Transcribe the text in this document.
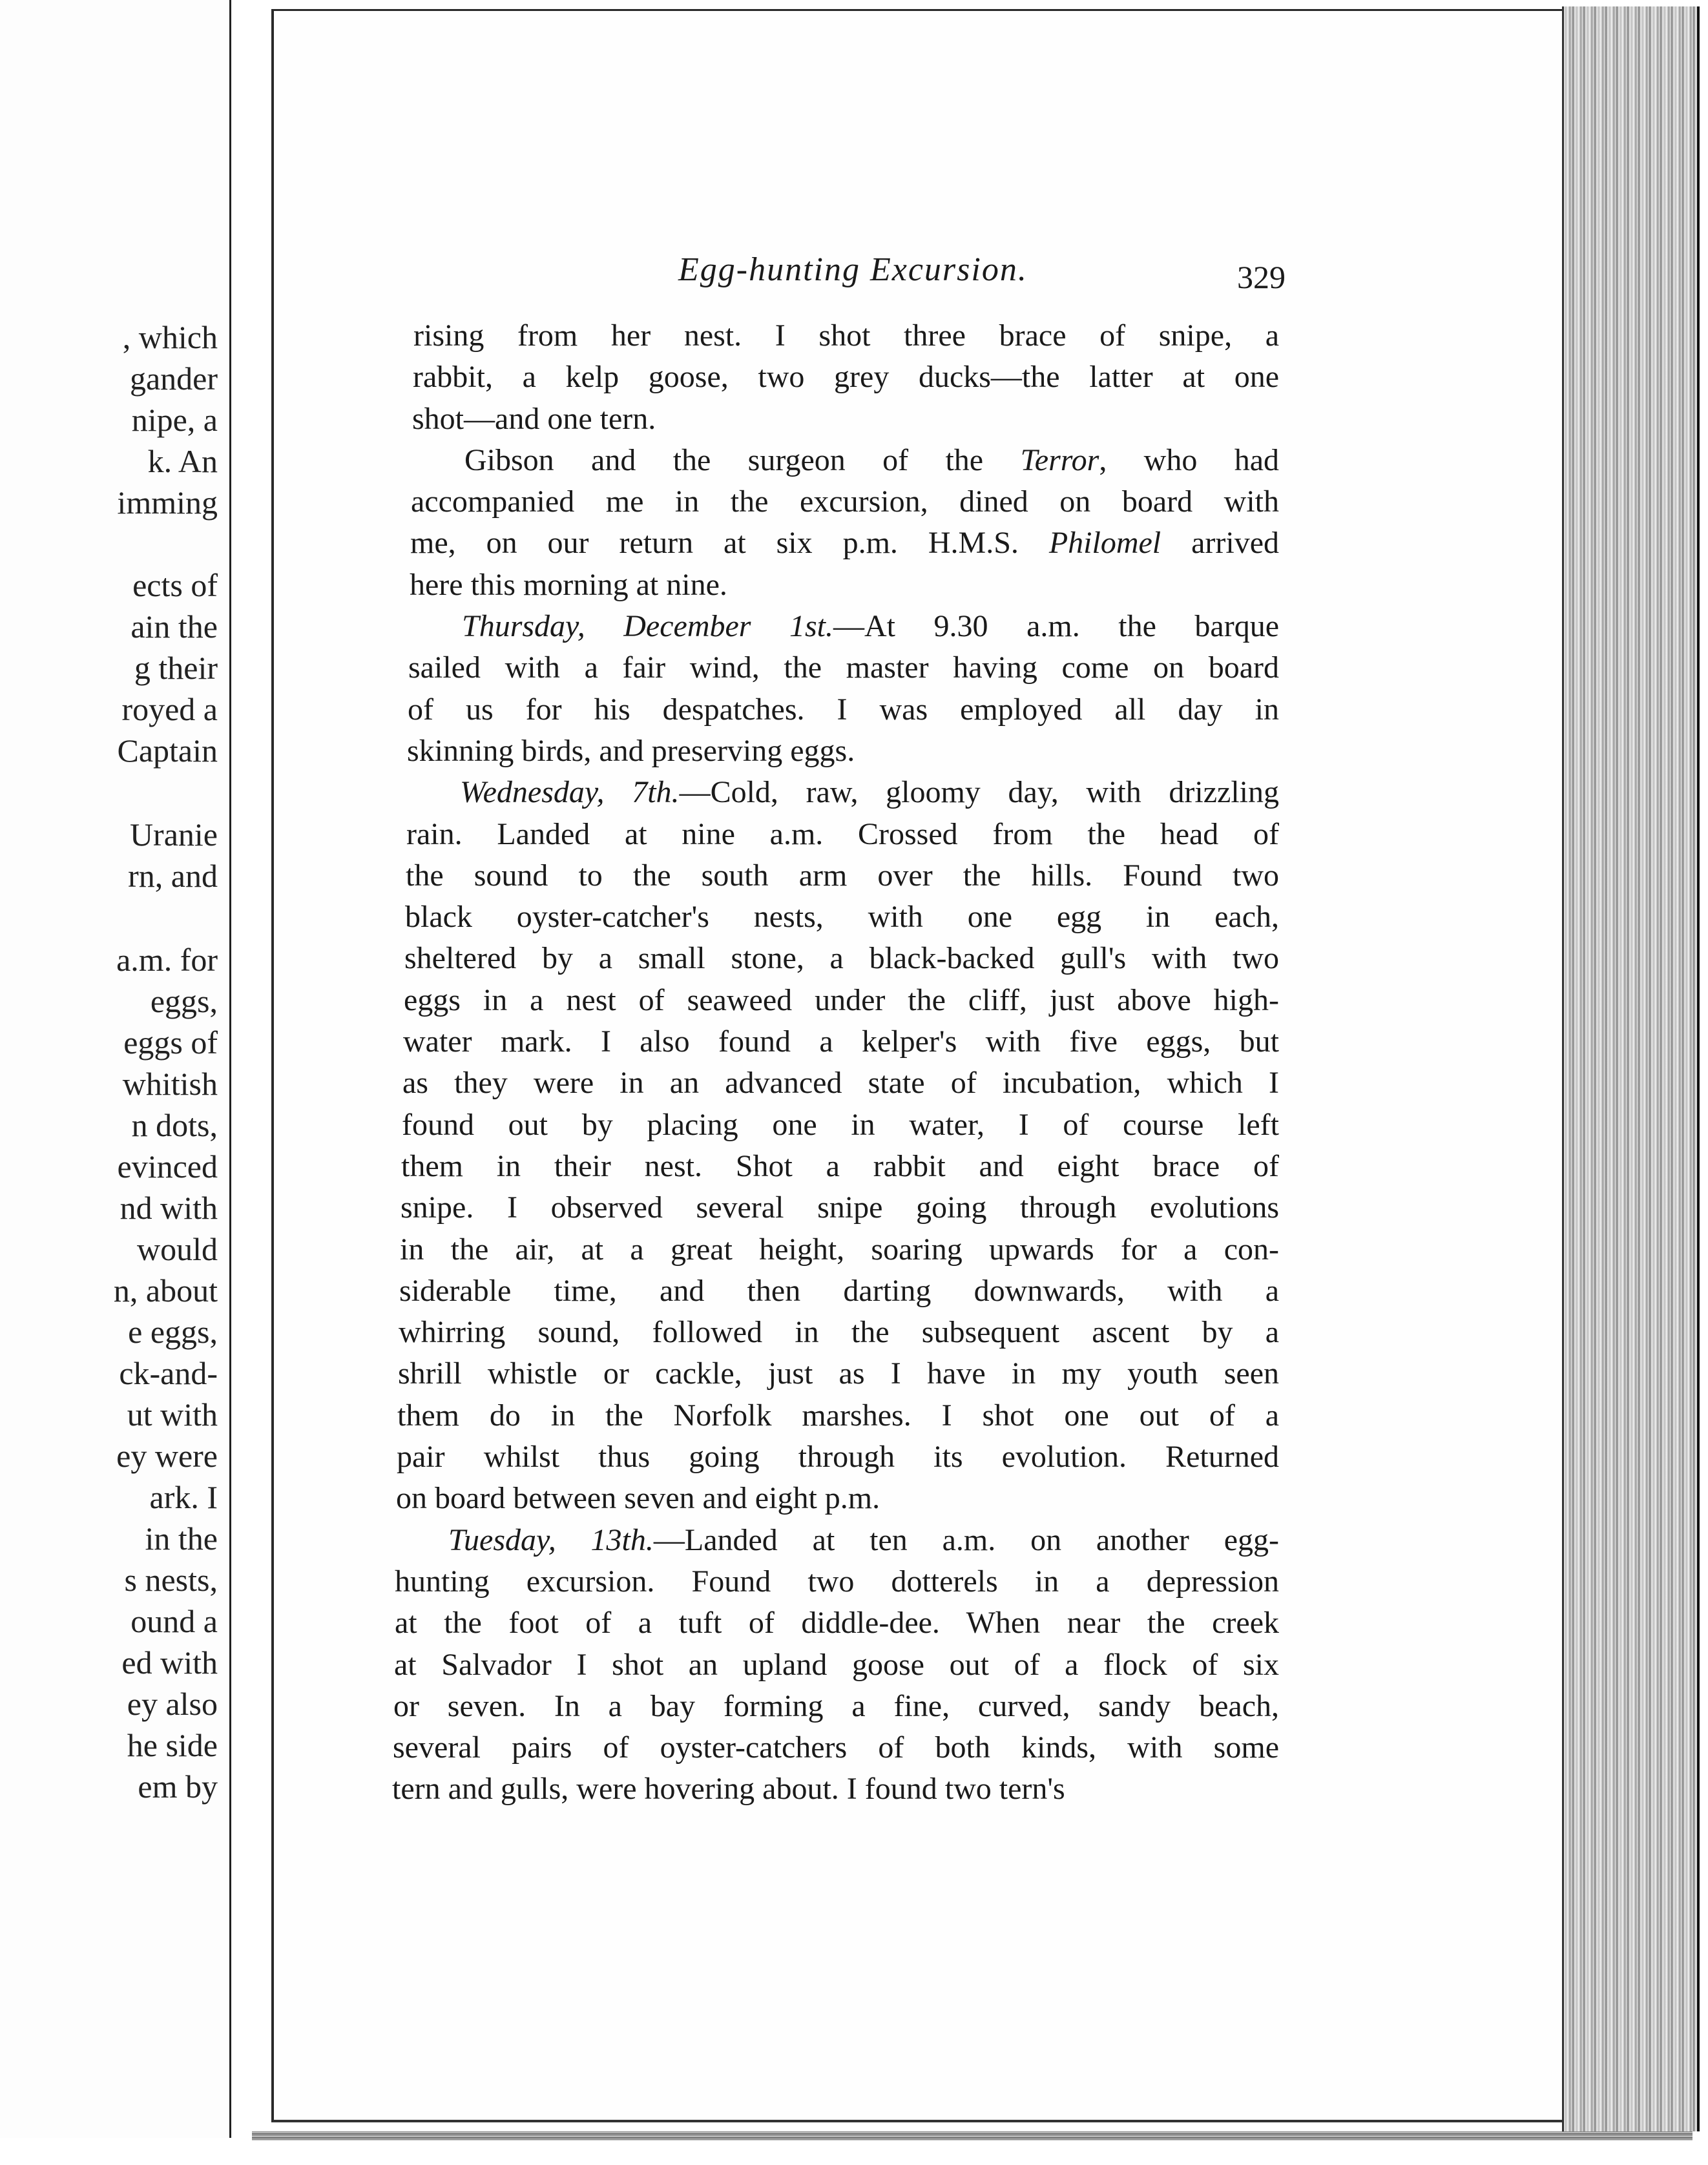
, which
gander
nipe, a
k. An
imming
ects of
ain the
g their
royed a
Captain
Uranie
rn, and
a.m. for
eggs,
eggs of
whitish
n dots,
evinced
nd with
would
n, about
e eggs,
ck-and-
ut with
ey were
ark. I
in the
s nests,
ound a
ed with
ey also
he side
em by
Egg-hunting Excursion.	329
rising from her nest. I shot three brace of snipe, a
rabbit, a kelp goose, two grey ducks—the latter at one
shot—and one tern.
Gibson and the surgeon of the Terror, who had
accompanied me in the excursion, dined on board with
me, on our return at six p.m. H.M.S. Philomel arrived
here this morning at nine.
Thursday, December 1st.—At 9.30 a.m. the barque
sailed with a fair wind, the master having come on board
of us for his despatches. I was employed all day in
skinning birds, and preserving eggs.
Wednesday, 7th.—Cold, raw, gloomy day, with drizzling
rain. Landed at nine a.m. Crossed from the head of
the sound to the south arm over the hills. Found two
black oyster-catcher's nests, with one egg in each,
sheltered by a small stone, a black-backed gull's with two
eggs in a nest of seaweed under the cliff, just above high-
water mark. I also found a kelper's with five eggs, but
as they were in an advanced state of incubation, which I
found out by placing one in water, I of course left
them in their nest. Shot a rabbit and eight brace of
snipe. I observed several snipe going through evolutions
in the air, at a great height, soaring upwards for a con-
siderable time, and then darting downwards, with a
whirring sound, followed in the subsequent ascent by a
shrill whistle or cackle, just as I have in my youth seen
them do in the Norfolk marshes. I shot one out of a
pair whilst thus going through its evolution. Returned
on board between seven and eight p.m.
Tuesday, 13th.—Landed at ten a.m. on another egg-
hunting excursion. Found two dotterels in a depression
at the foot of a tuft of diddle-dee. When near the creek
at Salvador I shot an upland goose out of a flock of six
or seven. In a bay forming a fine, curved, sandy beach,
several pairs of oyster-catchers of both kinds, with some
tern and gulls, were hovering about. I found two tern's
